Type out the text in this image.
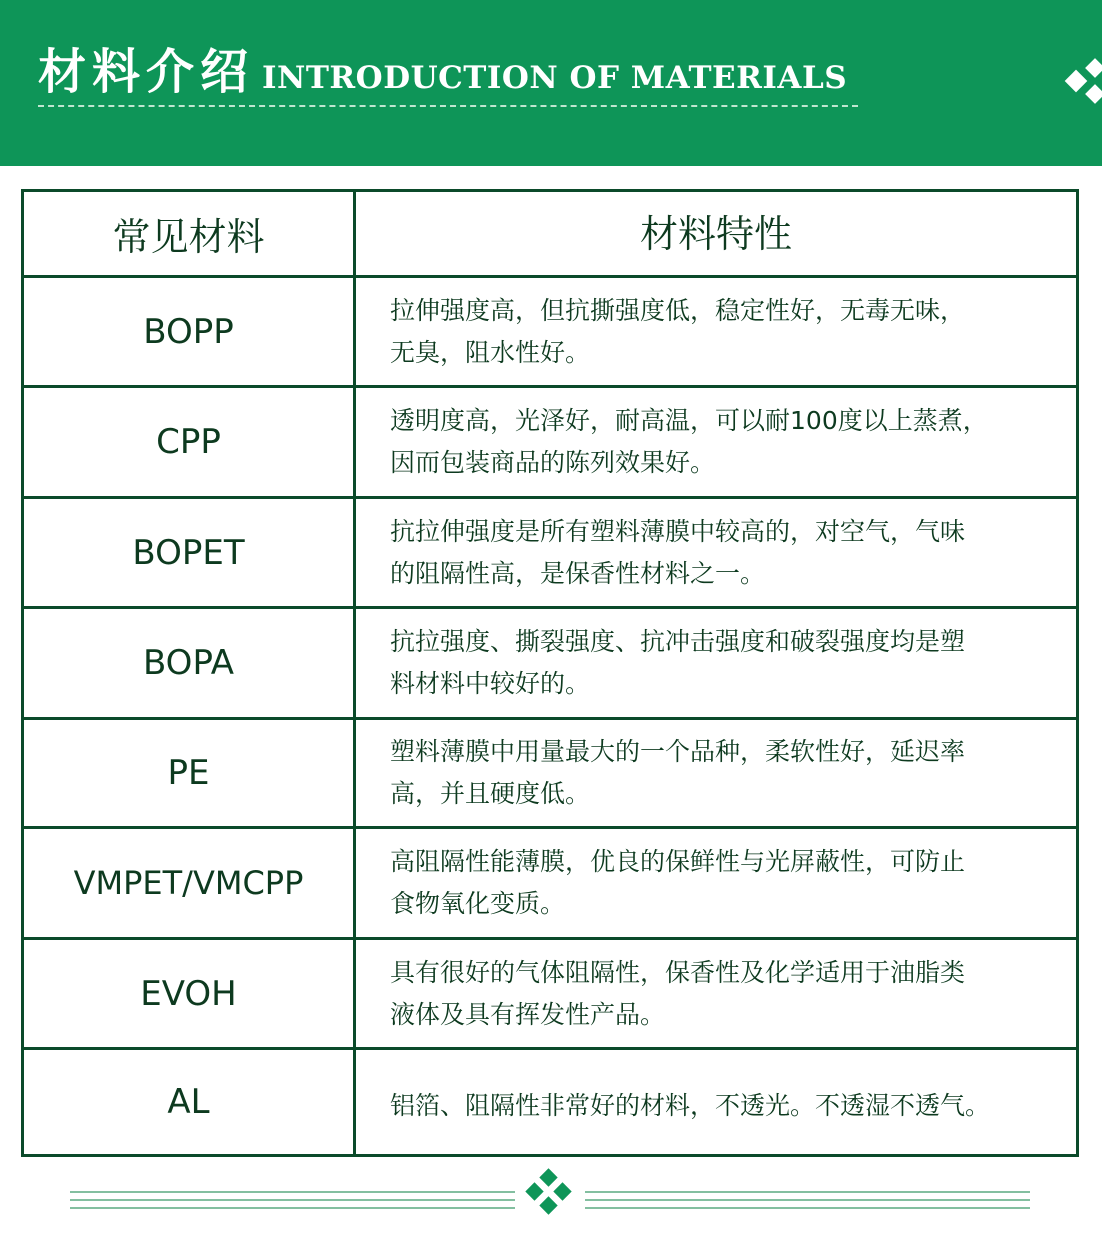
材料介绍 INTRODUCTION OF MATERIALS
常见材料	材料特性
BOPP
拉伸强度高，但抗撕强度低，稳定性好，无毒无味，
无臭，阻水性好。
CPP
透明度高，光泽好，耐高温，可以耐100度以上蒸煮，
因而包装商品的陈列效果好。
BOPET
抗拉伸强度是所有塑料薄膜中较高的，对空气，气味
的阻隔性高，是保香性材料之一。
BOPA
抗拉强度、撕裂强度、抗冲击强度和破裂强度均是塑
料材料中较好的。
PE
塑料薄膜中用量最大的一个品种，柔软性好，延迟率
高，并且硬度低。
VMPET/VMCPP
高阻隔性能薄膜，优良的保鲜性与光屏蔽性，可防止
食物氧化变质。
EVOH
具有很好的气体阻隔性，保香性及化学适用于油脂类
液体及具有挥发性产品。
AL	铝箔、阻隔性非常好的材料，不透光。不透湿不透气。
